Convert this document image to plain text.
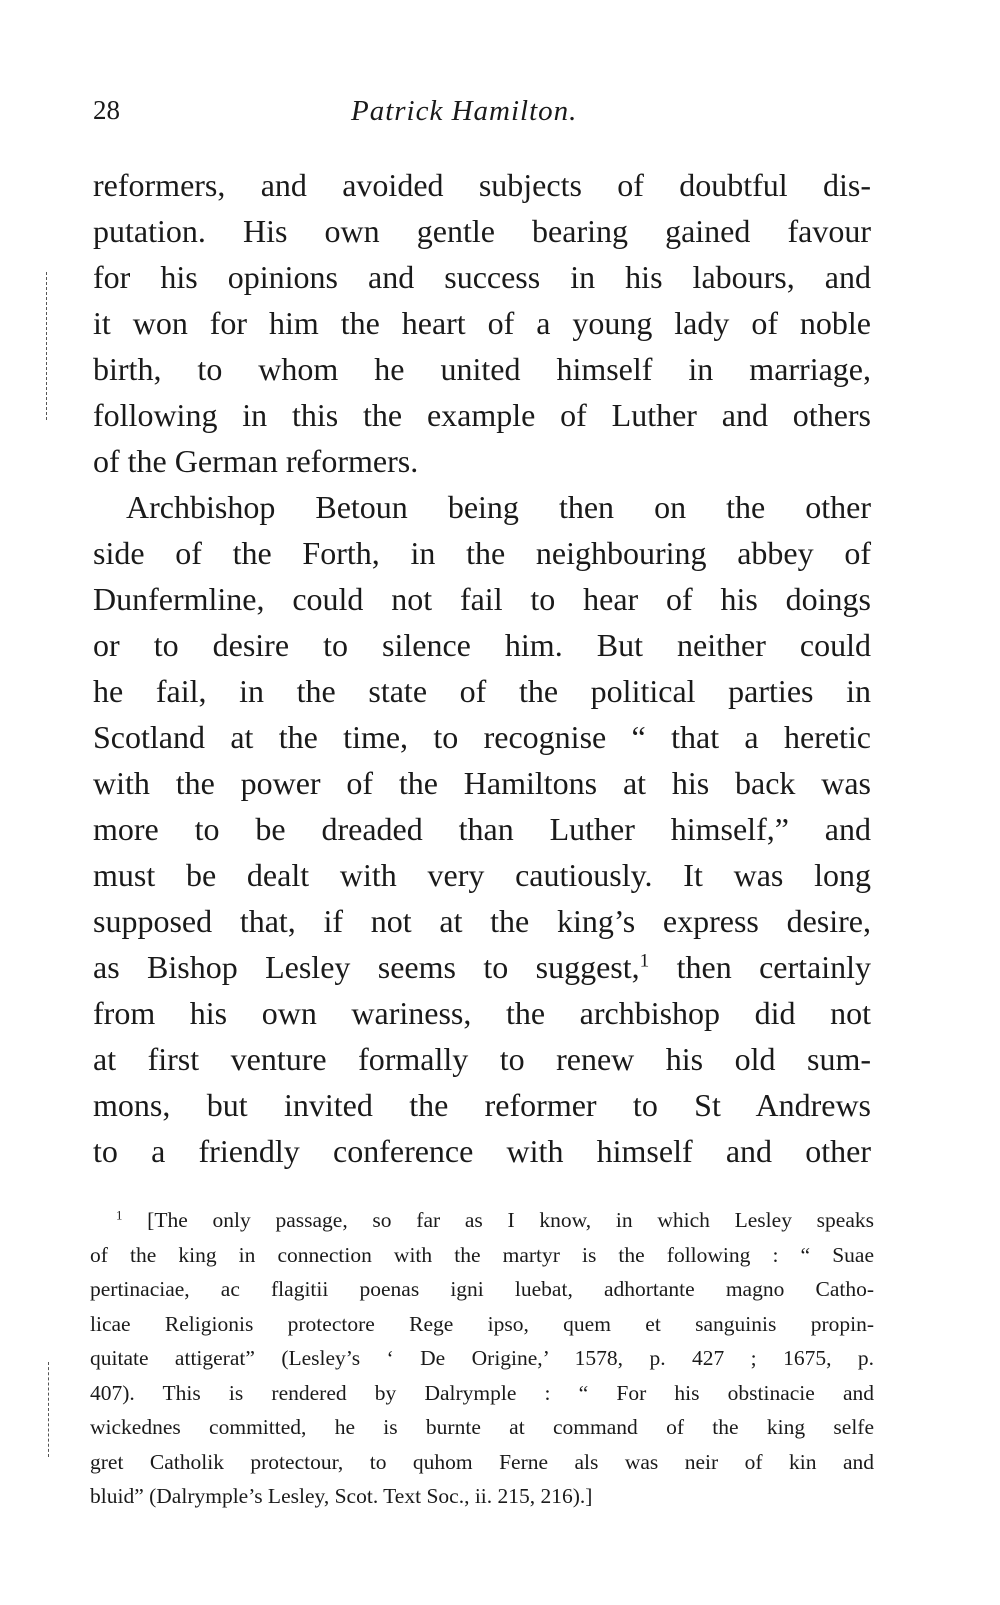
28	Patrick Hamilton.
reformers, and avoided subjects of doubtful dis-
putation. His own gentle bearing gained favour
for his opinions and success in his labours, and
it won for him the heart of a young lady of noble
birth, to whom he united himself in marriage,
following in this the example of Luther and others
of the German reformers.
Archbishop Betoun being then on the other
side of the Forth, in the neighbouring abbey of
Dunfermline, could not fail to hear of his doings
or to desire to silence him. But neither could
he fail, in the state of the political parties in
Scotland at the time, to recognise “ that a heretic
with the power of the Hamiltons at his back was
more to be dreaded than Luther himself,” and
must be dealt with very cautiously. It was long
supposed that, if not at the king’s express desire,
as Bishop Lesley seems to suggest,$^1$ then certainly
from his own wariness, the archbishop did not
at first venture formally to renew his old sum-
mons, but invited the reformer to St Andrews
to a friendly conference with himself and other
$^1$ [The only passage, so far as I know, in which Lesley speaks
of the king in connection with the martyr is the following : “ Suae
pertinaciae, ac flagitii poenas igni luebat, adhortante magno Catho-
licae Religionis protectore Rege ipso, quem et sanguinis propin-
quitate attigerat” (Lesley’s ‘ De Origine,’ 1578, p. 427 ; 1675, p.
407). This is rendered by Dalrymple : “ For his obstinacie and
wickednes committed, he is burnte at command of the king selfe
gret Catholik protectour, to quhom Ferne als was neir of kin and
bluid” (Dalrymple’s Lesley, Scot. Text Soc., ii. 215, 216).]
